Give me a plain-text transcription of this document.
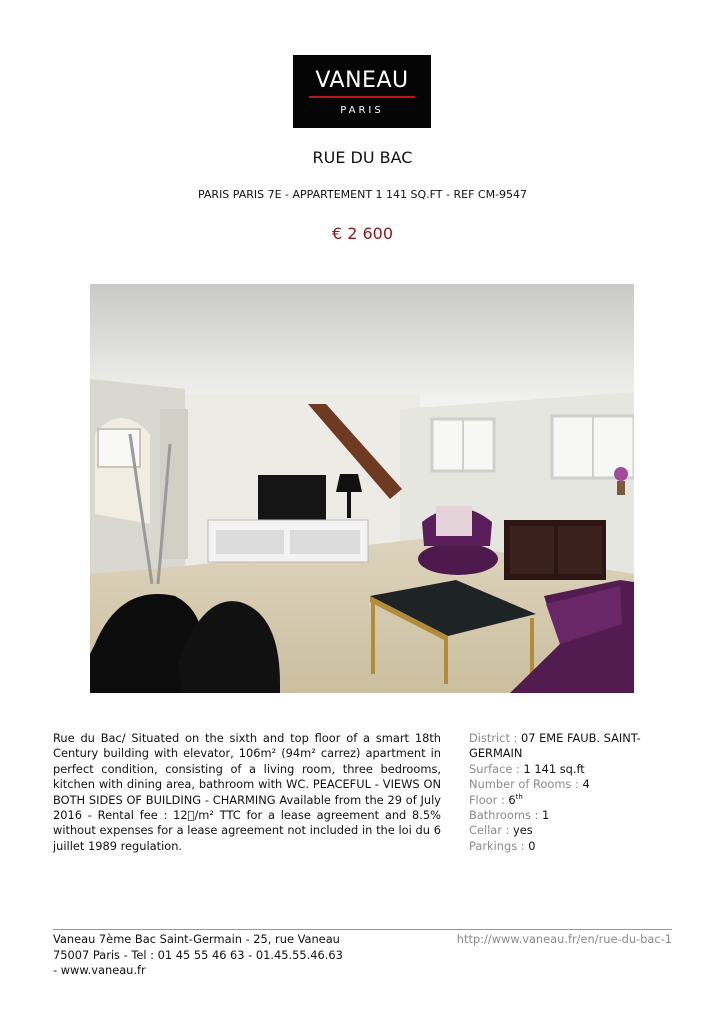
VANEAU
PARIS
RUE DU BAC
PARIS PARIS 7E - APPARTEMENT 1 141 SQ.FT - REF CM-9547
€ 2 600

Rue du Bac/ Situated on the sixth and top floor of a smart 18th Century building with elevator, 106m² (94m² carrez) apartment in perfect condition, consisting of a living room, three bedrooms, kitchen with dining area, bathroom with WC. PEACEFUL - VIEWS ON BOTH SIDES OF BUILDING - CHARMING Available from the 29 of July 2016 - Rental fee : 12 /m² TTC for a lease agreement and 8.5% without expenses for a lease agreement not included in the loi du 6 juillet 1989 regulation.

District : 07 EME FAUB. SAINT-GERMAIN

Surface : 1 141 sq.ft

Number of Rooms : 4

Floor : 6th

Bathrooms : 1

Cellar : yes

Parkings : 0

Vaneau 7ème Bac Saint-Germain - 25, rue Vaneau
75007 Paris - Tel : 01 45 55 46 63 - 01.45.55.46.63
- www.vaneau.fr
http://www.vaneau.fr/en/rue-du-bac-1
